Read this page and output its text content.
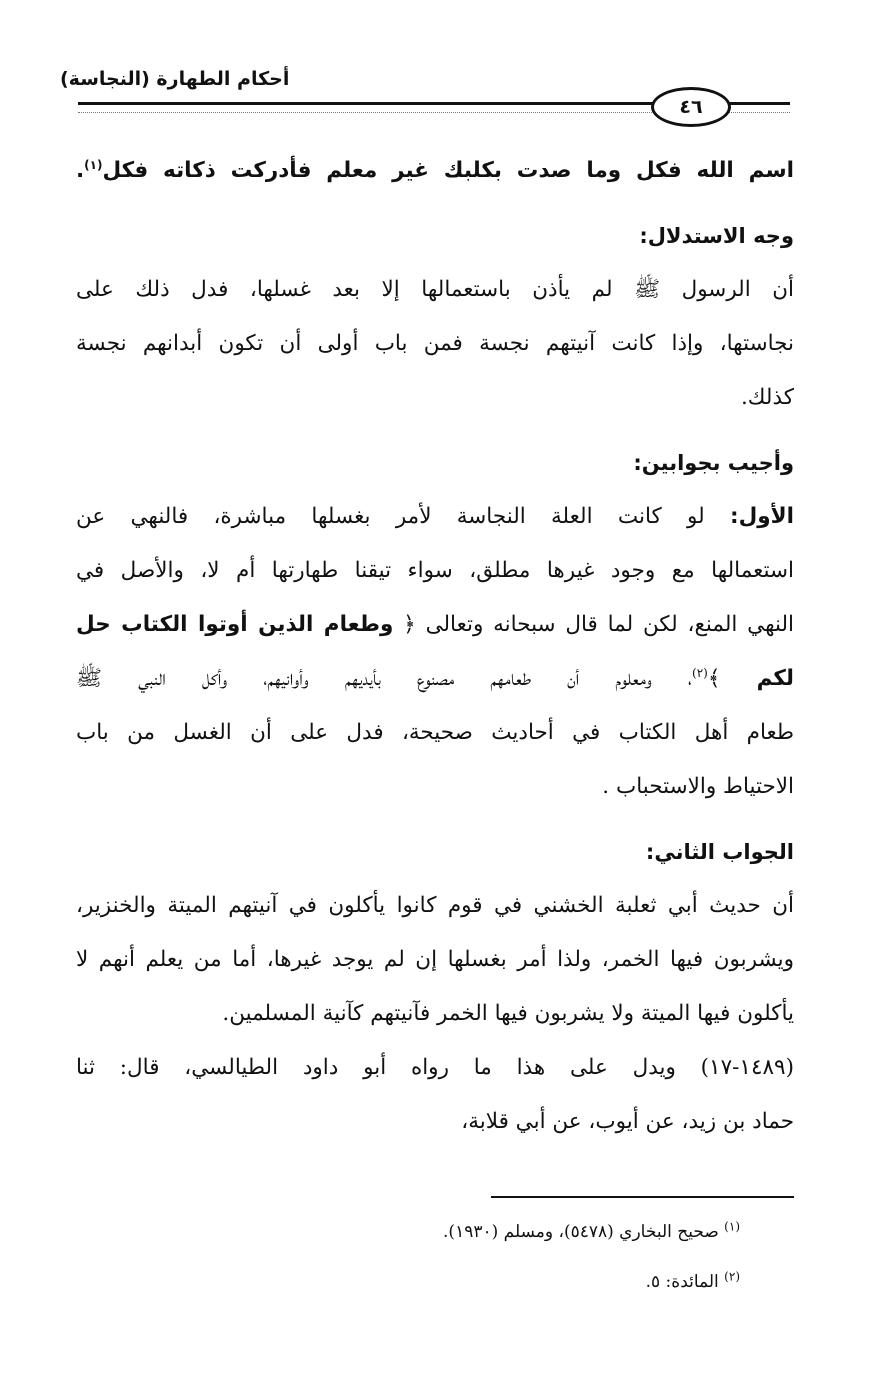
أحكام الطهارة (النجاسة)
٤٦

اسم الله فكل وما صدت بكلبك غير معلم فأدركت ذكاته فكل$^{(١)}$.

وجه الاستدلال:

أن الرسول ﷺ لم يأذن باستعمالها إلا بعد غسلها، فدل ذلك على

نجاستها، وإذا كانت آنيتهم نجسة فمن باب أولى أن تكون أبدانهم نجسة

كذلك.

وأجيب بجوابين:

الأول: لو كانت العلة النجاسة لأمر بغسلها مباشرة، فالنهي عن

استعمالها مع وجود غيرها مطلق، سواء تيقنا طهارتها أم لا، والأصل في

النهي المنع، لكن لما قال سبحانه وتعالى ﴿ وطعام الذين أوتوا الكتاب حل

لكم ﴾$^{(٢)}$، ومعلوم أن طعامهم مصنوع بأيديهم وأوانيهم، وأكل النبي ﷺ

طعام أهل الكتاب في أحاديث صحيحة، فدل على أن الغسل من باب

الاحتياط والاستحباب .

الجواب الثاني:

أن حديث أبي ثعلبة الخشني في قوم كانوا يأكلون في آنيتهم الميتة والخنزير،

ويشربون فيها الخمر، ولذا أمر بغسلها إن لم يوجد غيرها، أما من يعلم أنهم لا

يأكلون فيها الميتة ولا يشربون فيها الخمر فآنيتهم كآنية المسلمين.

(١٤٨٩-١٧) ويدل على هذا ما رواه أبو داود الطيالسي، قال: ثنا

حماد بن زيد، عن أيوب، عن أبي قلابة،

$^{(١)}$ صحيح البخاري (٥٤٧٨)، ومسلم (١٩٣٠).

$^{(٢)}$ المائدة: ٥.
